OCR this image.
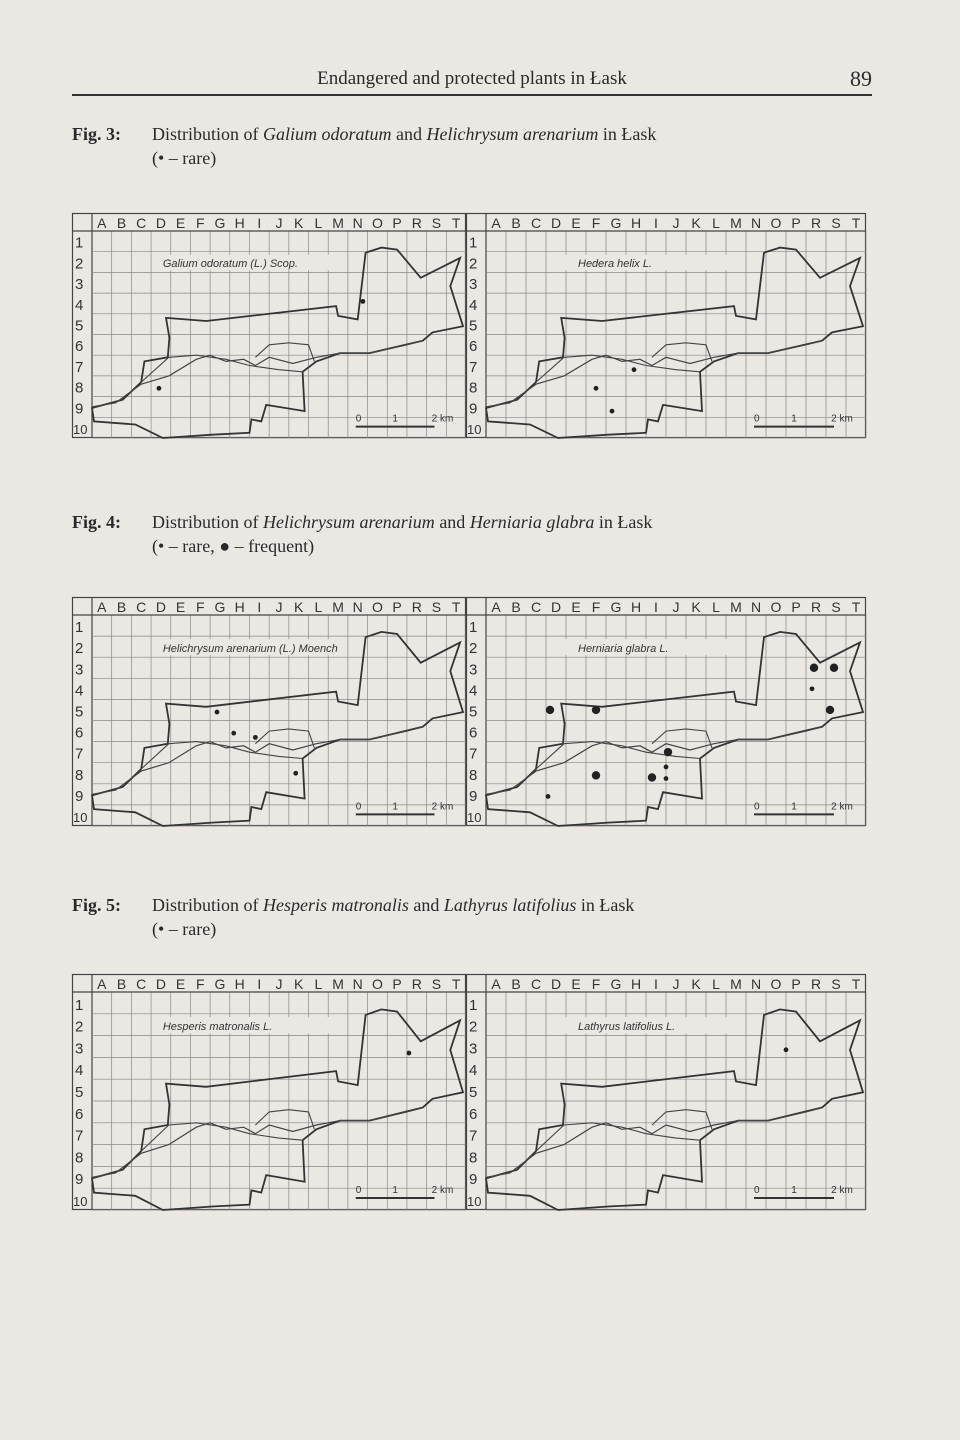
Endangered and protected plants in Łask	89
Fig. 3: Distribution of Galium odoratum and Helichrysum arenarium in Łask
(• – rare)
Fig. 4: Distribution of Helichrysum arenarium and Herniaria glabra in Łask
(• – rare, ● – frequent)
Fig. 5: Distribution of Hesperis matronalis and Lathyrus latifolius in Łask
(• – rare)
A B C D E F G H I J K L M N O P R S T
1
2
3
4
5
6
7
8
9
10
Galium odoratum (L.) Scop.
0	1	2 km
A B C D E F G H I J K L M N O P R S T
1
2
3
4
5
6
7
8
9
10
Hedera helix L.
0	1	2 km
A B C D E F G H I J K L M N O P R S T
1
2
3
4
5
6
7
8
9
10
Helichrysum arenarium (L.) Moench
0	1	2 km
A B C D E F G H I J K L M N O P R S T
1
2
3
4
5
6
7
8
9
10
Herniaria glabra L.
0	1	2 km
A B C D E F G H I J K L M N O P R S T
1
2
3
4
5
6
7
8
9
10
Hesperis matronalis L.
0	1	2 km
A B C D E F G H I J K L M N O P R S T
1
2
3
4
5
6
7
8
9
10
Lathyrus latifolius L.
0	1	2 km
